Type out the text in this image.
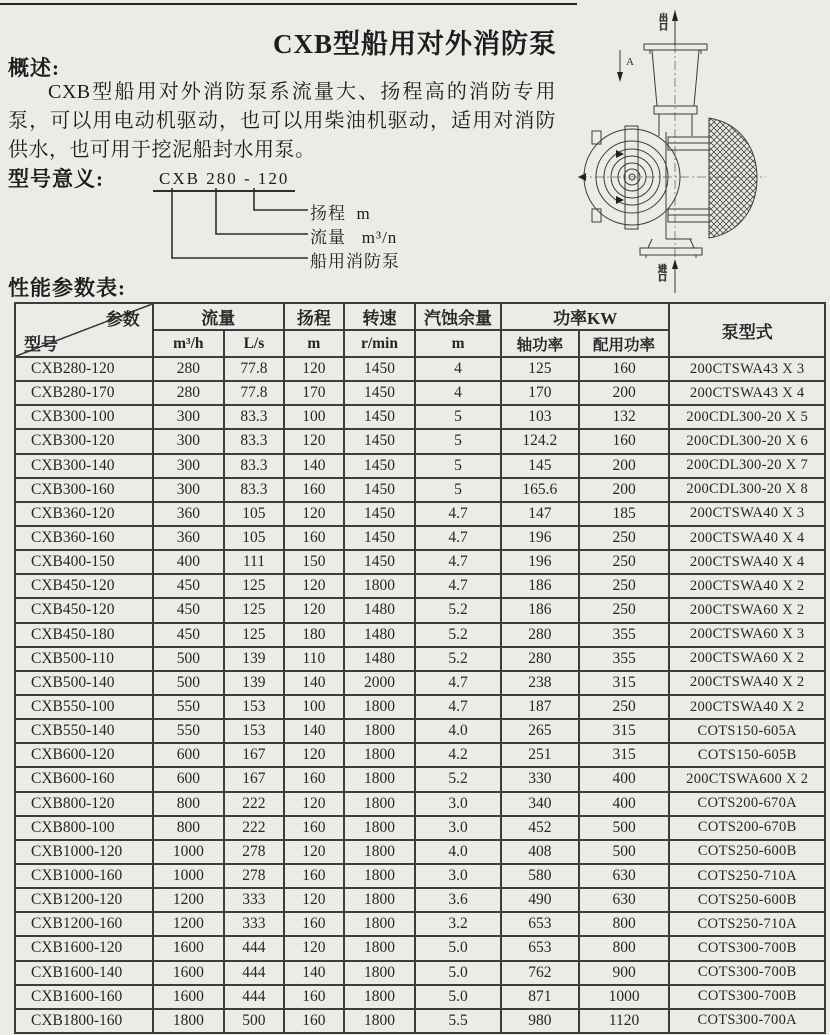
CXB型船用对外消防泵
概述:

CXB型船用对外消防泵系流量大、扬程高的消防专用泵，可以用电动机驱动，也可以用柴油机驱动，适用对消防供水，也可用于挖泥船封水用泵。

型号意义:	CXB 280 - 120
扬程  m
流量   m³/n
船用消防泵
出口
A
进口
性能参数表:
参数
型号	流量		扬程	转速	汽蚀余量	功率KW		泵型式
	m³/h	L/s	m	r/min	m	轴功率	配用功率	
CXB280-120	280	77.8	120	1450	4	125	160	200CTSWA43 X 3
CXB280-170	280	77.8	170	1450	4	170	200	200CTSWA43 X 4
CXB300-100	300	83.3	100	1450	5	103	132	200CDL300-20 X 5
CXB300-120	300	83.3	120	1450	5	124.2	160	200CDL300-20 X 6
CXB300-140	300	83.3	140	1450	5	145	200	200CDL300-20 X 7
CXB300-160	300	83.3	160	1450	5	165.6	200	200CDL300-20 X 8
CXB360-120	360	105	120	1450	4.7	147	185	200CTSWA40 X 3
CXB360-160	360	105	160	1450	4.7	196	250	200CTSWA40 X 4
CXB400-150	400	111	150	1450	4.7	196	250	200CTSWA40 X 4
CXB450-120	450	125	120	1800	4.7	186	250	200CTSWA40 X 2
CXB450-120	450	125	120	1480	5.2	186	250	200CTSWA60 X 2
CXB450-180	450	125	180	1480	5.2	280	355	200CTSWA60 X 3
CXB500-110	500	139	110	1480	5.2	280	355	200CTSWA60 X 2
CXB500-140	500	139	140	2000	4.7	238	315	200CTSWA40 X 2
CXB550-100	550	153	100	1800	4.7	187	250	200CTSWA40 X 2
CXB550-140	550	153	140	1800	4.0	265	315	COTS150-605A
CXB600-120	600	167	120	1800	4.2	251	315	COTS150-605B
CXB600-160	600	167	160	1800	5.2	330	400	200CTSWA600 X 2
CXB800-120	800	222	120	1800	3.0	340	400	COTS200-670A
CXB800-100	800	222	160	1800	3.0	452	500	COTS200-670B
CXB1000-120	1000	278	120	1800	4.0	408	500	COTS250-600B
CXB1000-160	1000	278	160	1800	3.0	580	630	COTS250-710A
CXB1200-120	1200	333	120	1800	3.6	490	630	COTS250-600B
CXB1200-160	1200	333	160	1800	3.2	653	800	COTS250-710A
CXB1600-120	1600	444	120	1800	5.0	653	800	COTS300-700B
CXB1600-140	1600	444	140	1800	5.0	762	900	COTS300-700B
CXB1600-160	1600	444	160	1800	5.0	871	1000	COTS300-700B
CXB1800-160	1800	500	160	1800	5.5	980	1120	COTS300-700A
